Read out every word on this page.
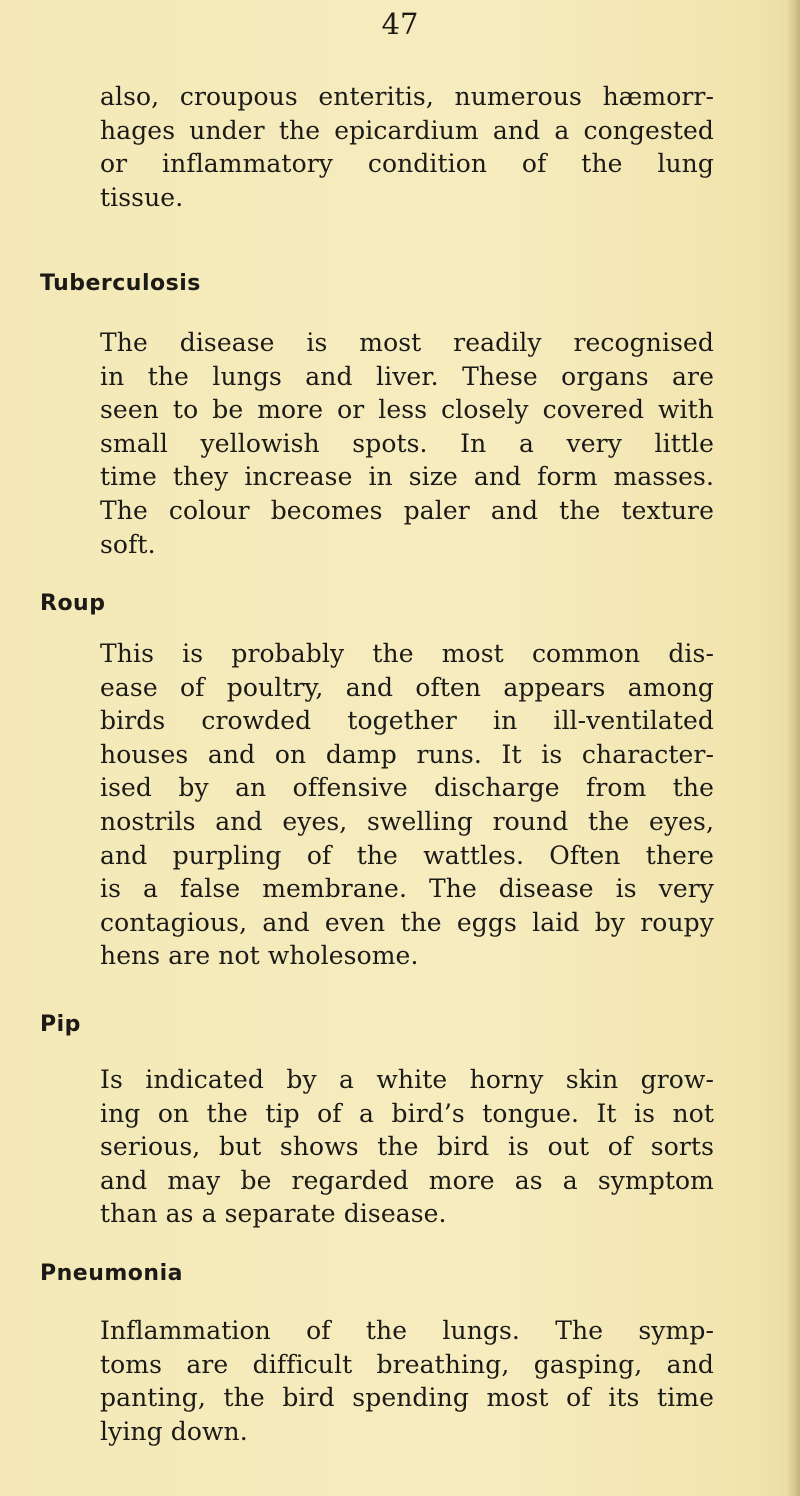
47

also, croupous enteritis, numerous hæmorr-
hages under the epicardium and a congested
or inflammatory condition of the lung
tissue.

Tuberculosis

The disease is most readily recognised
in the lungs and liver. These organs are
seen to be more or less closely covered with
small yellowish spots. In a very little
time they increase in size and form masses.
The colour becomes paler and the texture
soft.

Roup

This is probably the most common dis-
ease of poultry, and often appears among
birds crowded together in ill-ventilated
houses and on damp runs. It is character-
ised by an offensive discharge from the
nostrils and eyes, swelling round the eyes,
and purpling of the wattles. Often there
is a false membrane. The disease is very
contagious, and even the eggs laid by roupy
hens are not wholesome.

Pip

Is indicated by a white horny skin grow-
ing on the tip of a bird’s tongue. It is not
serious, but shows the bird is out of sorts
and may be regarded more as a symptom
than as a separate disease.

Pneumonia

Inflammation of the lungs. The symp-
toms are difficult breathing, gasping, and
panting, the bird spending most of its time
lying down.
